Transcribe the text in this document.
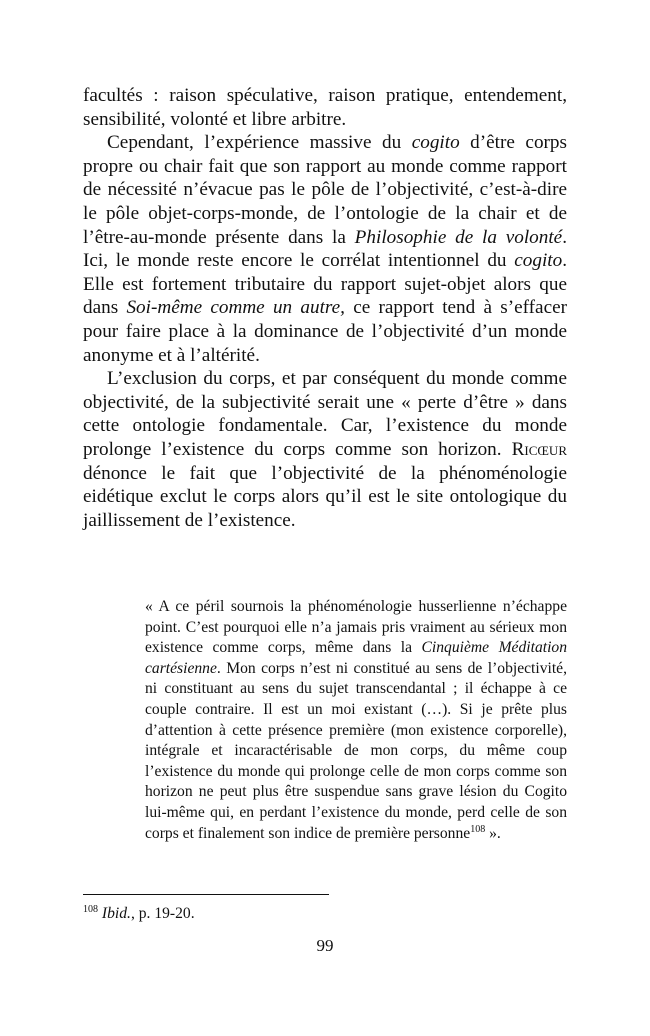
facultés : raison spéculative, raison pratique, entendement, sensibilité, volonté et libre arbitre.

Cependant, l’expérience massive du cogito d’être corps propre ou chair fait que son rapport au monde comme rapport de nécessité n’évacue pas le pôle de l’objectivité, c’est-à-dire le pôle objet-corps-monde, de l’ontologie de la chair et de l’être-au-monde présente dans la Philosophie de la volonté. Ici, le monde reste encore le corrélat intentionnel du cogito. Elle est fortement tributaire du rapport sujet-objet alors que dans Soi-même comme un autre, ce rapport tend à s’effacer pour faire place à la dominance de l’objectivité d’un monde anonyme et à l’altérité.

L’exclusion du corps, et par conséquent du monde comme objectivité, de la subjectivité serait une « perte d’être » dans cette ontologie fondamentale. Car, l’existence du monde prolonge l’existence du corps comme son horizon. Ricœur dénonce le fait que l’objectivité de la phénoménologie eidétique exclut le corps alors qu’il est le site ontologique du jaillissement de l’existence.

« A ce péril sournois la phénoménologie husserlienne n’échappe point. C’est pourquoi elle n’a jamais pris vraiment au sérieux mon existence comme corps, même dans la Cinquième Méditation cartésienne. Mon corps n’est ni constitué au sens de l’objectivité, ni constituant au sens du sujet transcendantal ; il échappe à ce couple contraire. Il est un moi existant (…). Si je prête plus d’attention à cette présence première (mon existence corporelle), intégrale et incaractérisable de mon corps, du même coup l’existence du monde qui prolonge celle de mon corps comme son horizon ne peut plus être suspendue sans grave lésion du Cogito lui-même qui, en perdant l’existence du monde, perd celle de son corps et finalement son indice de première personne$^{108}$ ».

$^{108}$ Ibid., p. 19-20.
99
